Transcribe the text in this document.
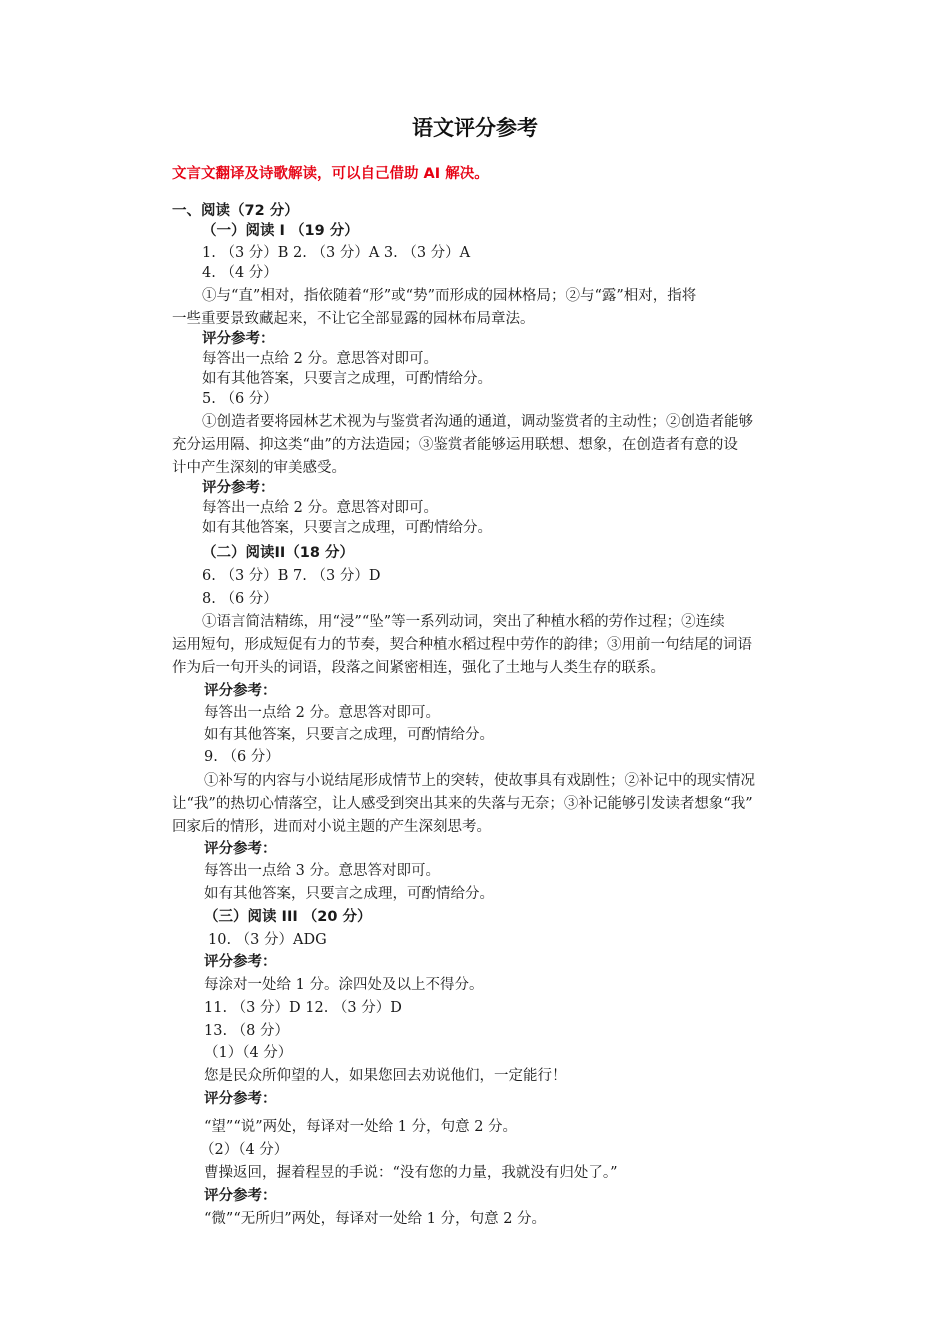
语文评分参考
文言文翻译及诗歌解读，可以自己借助 AI 解决。
一、阅读（72 分）
（一）阅读 I （19 分）
1. （3 分）B 2. （3 分）A 3. （3 分）A
4. （4 分）
①与“直”相对，指依随着“形”或“势”而形成的园林格局；②与“露”相对，指将
一些重要景致藏起来，不让它全部显露的园林布局章法。
评分参考：
每答出一点给 2 分。意思答对即可。
如有其他答案，只要言之成理，可酌情给分。
5. （6 分）
①创造者要将园林艺术视为与鉴赏者沟通的通道，调动鉴赏者的主动性；②创造者能够
充分运用隔、抑这类“曲”的方法造园；③鉴赏者能够运用联想、想象，在创造者有意的设
计中产生深刻的审美感受。
评分参考：
每答出一点给 2 分。意思答对即可。
如有其他答案，只要言之成理，可酌情给分。
（二）阅读II（18 分）
6. （3 分）B 7. （3 分）D
8. （6 分）
①语言简洁精练，用“浸”“坠”等一系列动词，突出了种植水稻的劳作过程；②连续
运用短句，形成短促有力的节奏，契合种植水稻过程中劳作的韵律；③用前一句结尾的词语
作为后一句开头的词语，段落之间紧密相连，强化了土地与人类生存的联系。
评分参考：
每答出一点给 2 分。意思答对即可。
如有其他答案，只要言之成理，可酌情给分。
9. （6 分）
①补写的内容与小说结尾形成情节上的突转，使故事具有戏剧性；②补记中的现实情况
让“我”的热切心情落空，让人感受到突出其来的失落与无奈；③补记能够引发读者想象“我”
回家后的情形，进而对小说主题的产生深刻思考。
评分参考：
每答出一点给 3 分。意思答对即可。
如有其他答案，只要言之成理，可酌情给分。
（三）阅读 III （20 分）
10. （3 分）ADG
评分参考：
每涂对一处给 1 分。涂四处及以上不得分。
11. （3 分）D 12. （3 分）D
13. （8 分）
（1）（4 分）
您是民众所仰望的人，如果您回去劝说他们，一定能行！
评分参考：
“望”“说”两处，每译对一处给 1 分，句意 2 分。
（2）（4 分）
曹操返回，握着程昱的手说：“没有您的力量，我就没有归处了。”
评分参考：
“微”“无所归”两处，每译对一处给 1 分，句意 2 分。
